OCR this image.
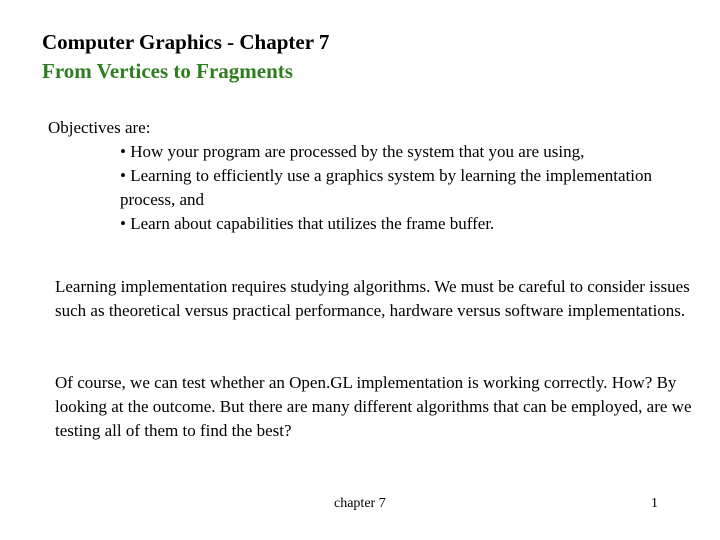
Computer Graphics - Chapter 7
From Vertices to Fragments

Objectives are:

• How your program are processed by the system that you are using,
• Learning to efficiently use a graphics system by learning the implementation process, and
• Learn about capabilities that utilizes the frame buffer.

Learning implementation requires studying algorithms. We must be careful to consider issues such as theoretical versus practical performance, hardware versus software implementations.

Of course, we can test whether an Open.GL implementation is working correctly. How? By looking at the outcome. But there are many different algorithms that can be employed, are we testing all of them to find the best?

chapter 7	1
